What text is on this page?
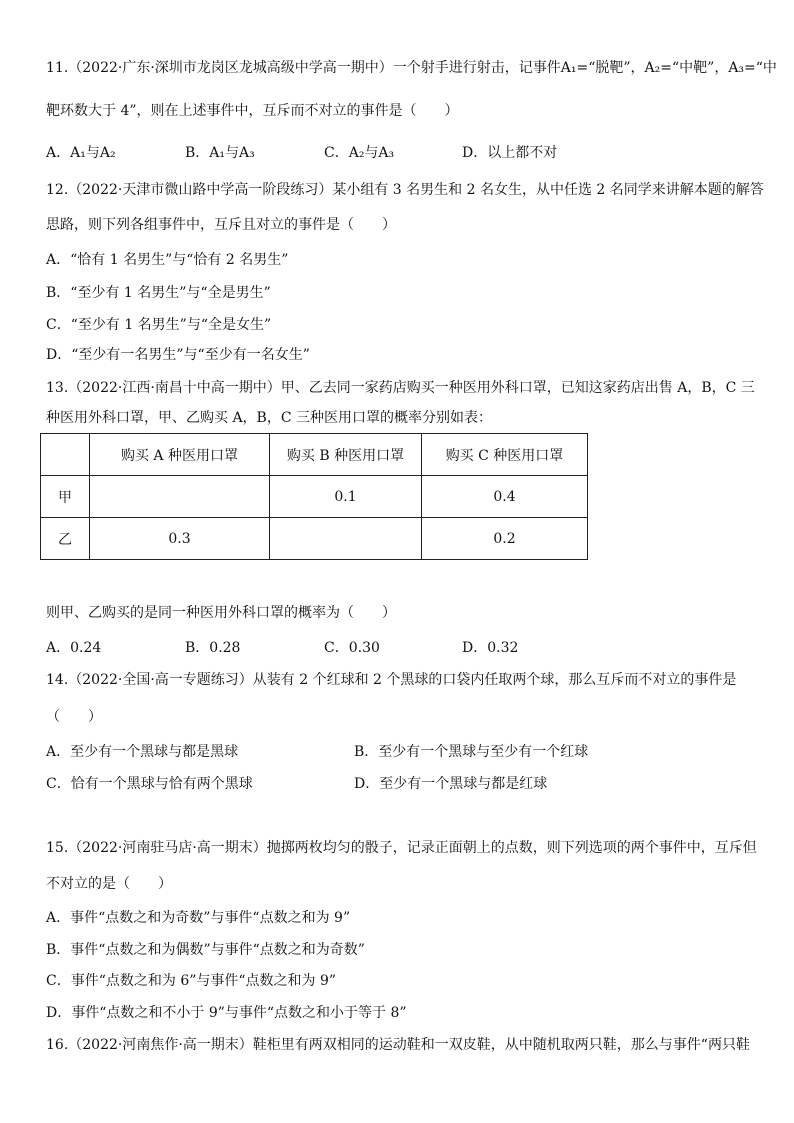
11.（2022·广东·深圳市龙岗区龙城高级中学高一期中）一个射手进行射击，记事件A₁=“脱靶”，A₂=“中靶”，A₃=“中
靶环数大于 4”，则在上述事件中，互斥而不对立的事件是（　　）
A．A₁与A₂	B．A₁与A₃	C．A₂与A₃	D．以上都不对
12.（2022·天津市微山路中学高一阶段练习）某小组有 3 名男生和 2 名女生，从中任选 2 名同学来讲解本题的解答
思路，则下列各组事件中，互斥且对立的事件是（　　）
A．“恰有 1 名男生”与“恰有 2 名男生”
B．“至少有 1 名男生”与“全是男生”
C．“至少有 1 名男生”与“全是女生”
D．“至少有一名男生”与“至少有一名女生”
13.（2022·江西·南昌十中高一期中）甲、乙去同一家药店购买一种医用外科口罩，已知这家药店出售 A，B，C 三
种医用外科口罩，甲、乙购买 A，B，C 三种医用口罩的概率分别如表：
	购买 A 种医用口罩	购买 B 种医用口罩	购买 C 种医用口罩
甲		0.1	0.4
乙	0.3		0.2
则甲、乙购买的是同一种医用外科口罩的概率为（　　）
A．0.24	B．0.28	C．0.30	D．0.32
14.（2022·全国·高一专题练习）从装有 2 个红球和 2 个黑球的口袋内任取两个球，那么互斥而不对立的事件是
（　　）
A．至少有一个黑球与都是黑球	B．至少有一个黑球与至少有一个红球
C．恰有一个黑球与恰有两个黑球	D．至少有一个黑球与都是红球
15.（2022·河南驻马店·高一期末）抛掷两枚均匀的骰子，记录正面朝上的点数，则下列选项的两个事件中，互斥但
不对立的是（　　）
A．事件“点数之和为奇数”与事件“点数之和为 9”
B．事件“点数之和为偶数”与事件“点数之和为奇数”
C．事件“点数之和为 6”与事件“点数之和为 9”
D．事件“点数之和不小于 9”与事件“点数之和小于等于 8”
16.（2022·河南焦作·高一期末）鞋柜里有两双相同的运动鞋和一双皮鞋，从中随机取两只鞋，那么与事件“两只鞋
